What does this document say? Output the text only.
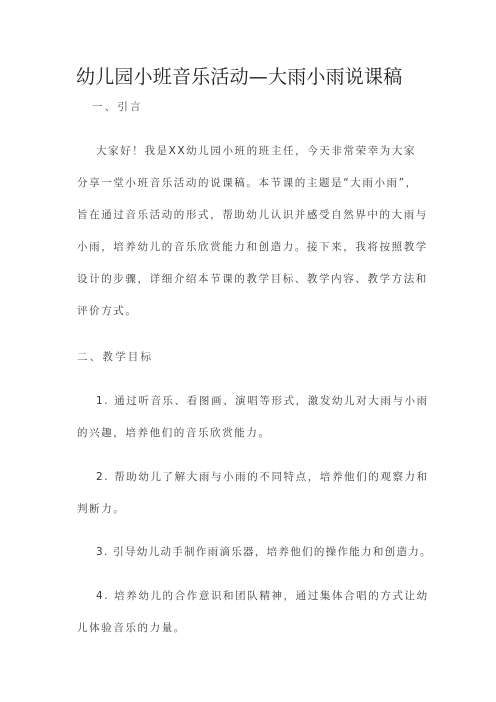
幼儿园小班音乐活动—大雨小雨说课稿
一、引言
大家好！我是XX幼儿园小班的班主任，今天非常荣幸为大家
分享一堂小班音乐活动的说课稿。本节课的主题是“大雨小雨”，
旨在通过音乐活动的形式，帮助幼儿认识并感受自然界中的大雨与
小雨，培养幼儿的音乐欣赏能力和创造力。接下来，我将按照教学
设计的步骤，详细介绍本节课的教学目标、教学内容、教学方法和
评价方式。
二、教学目标
1. 通过听音乐、看图画、演唱等形式，激发幼儿对大雨与小雨
的兴趣，培养他们的音乐欣赏能力。
2. 帮助幼儿了解大雨与小雨的不同特点，培养他们的观察力和
判断力。
3. 引导幼儿动手制作雨滴乐器，培养他们的操作能力和创造力。
4. 培养幼儿的合作意识和团队精神，通过集体合唱的方式让幼
儿体验音乐的力量。
